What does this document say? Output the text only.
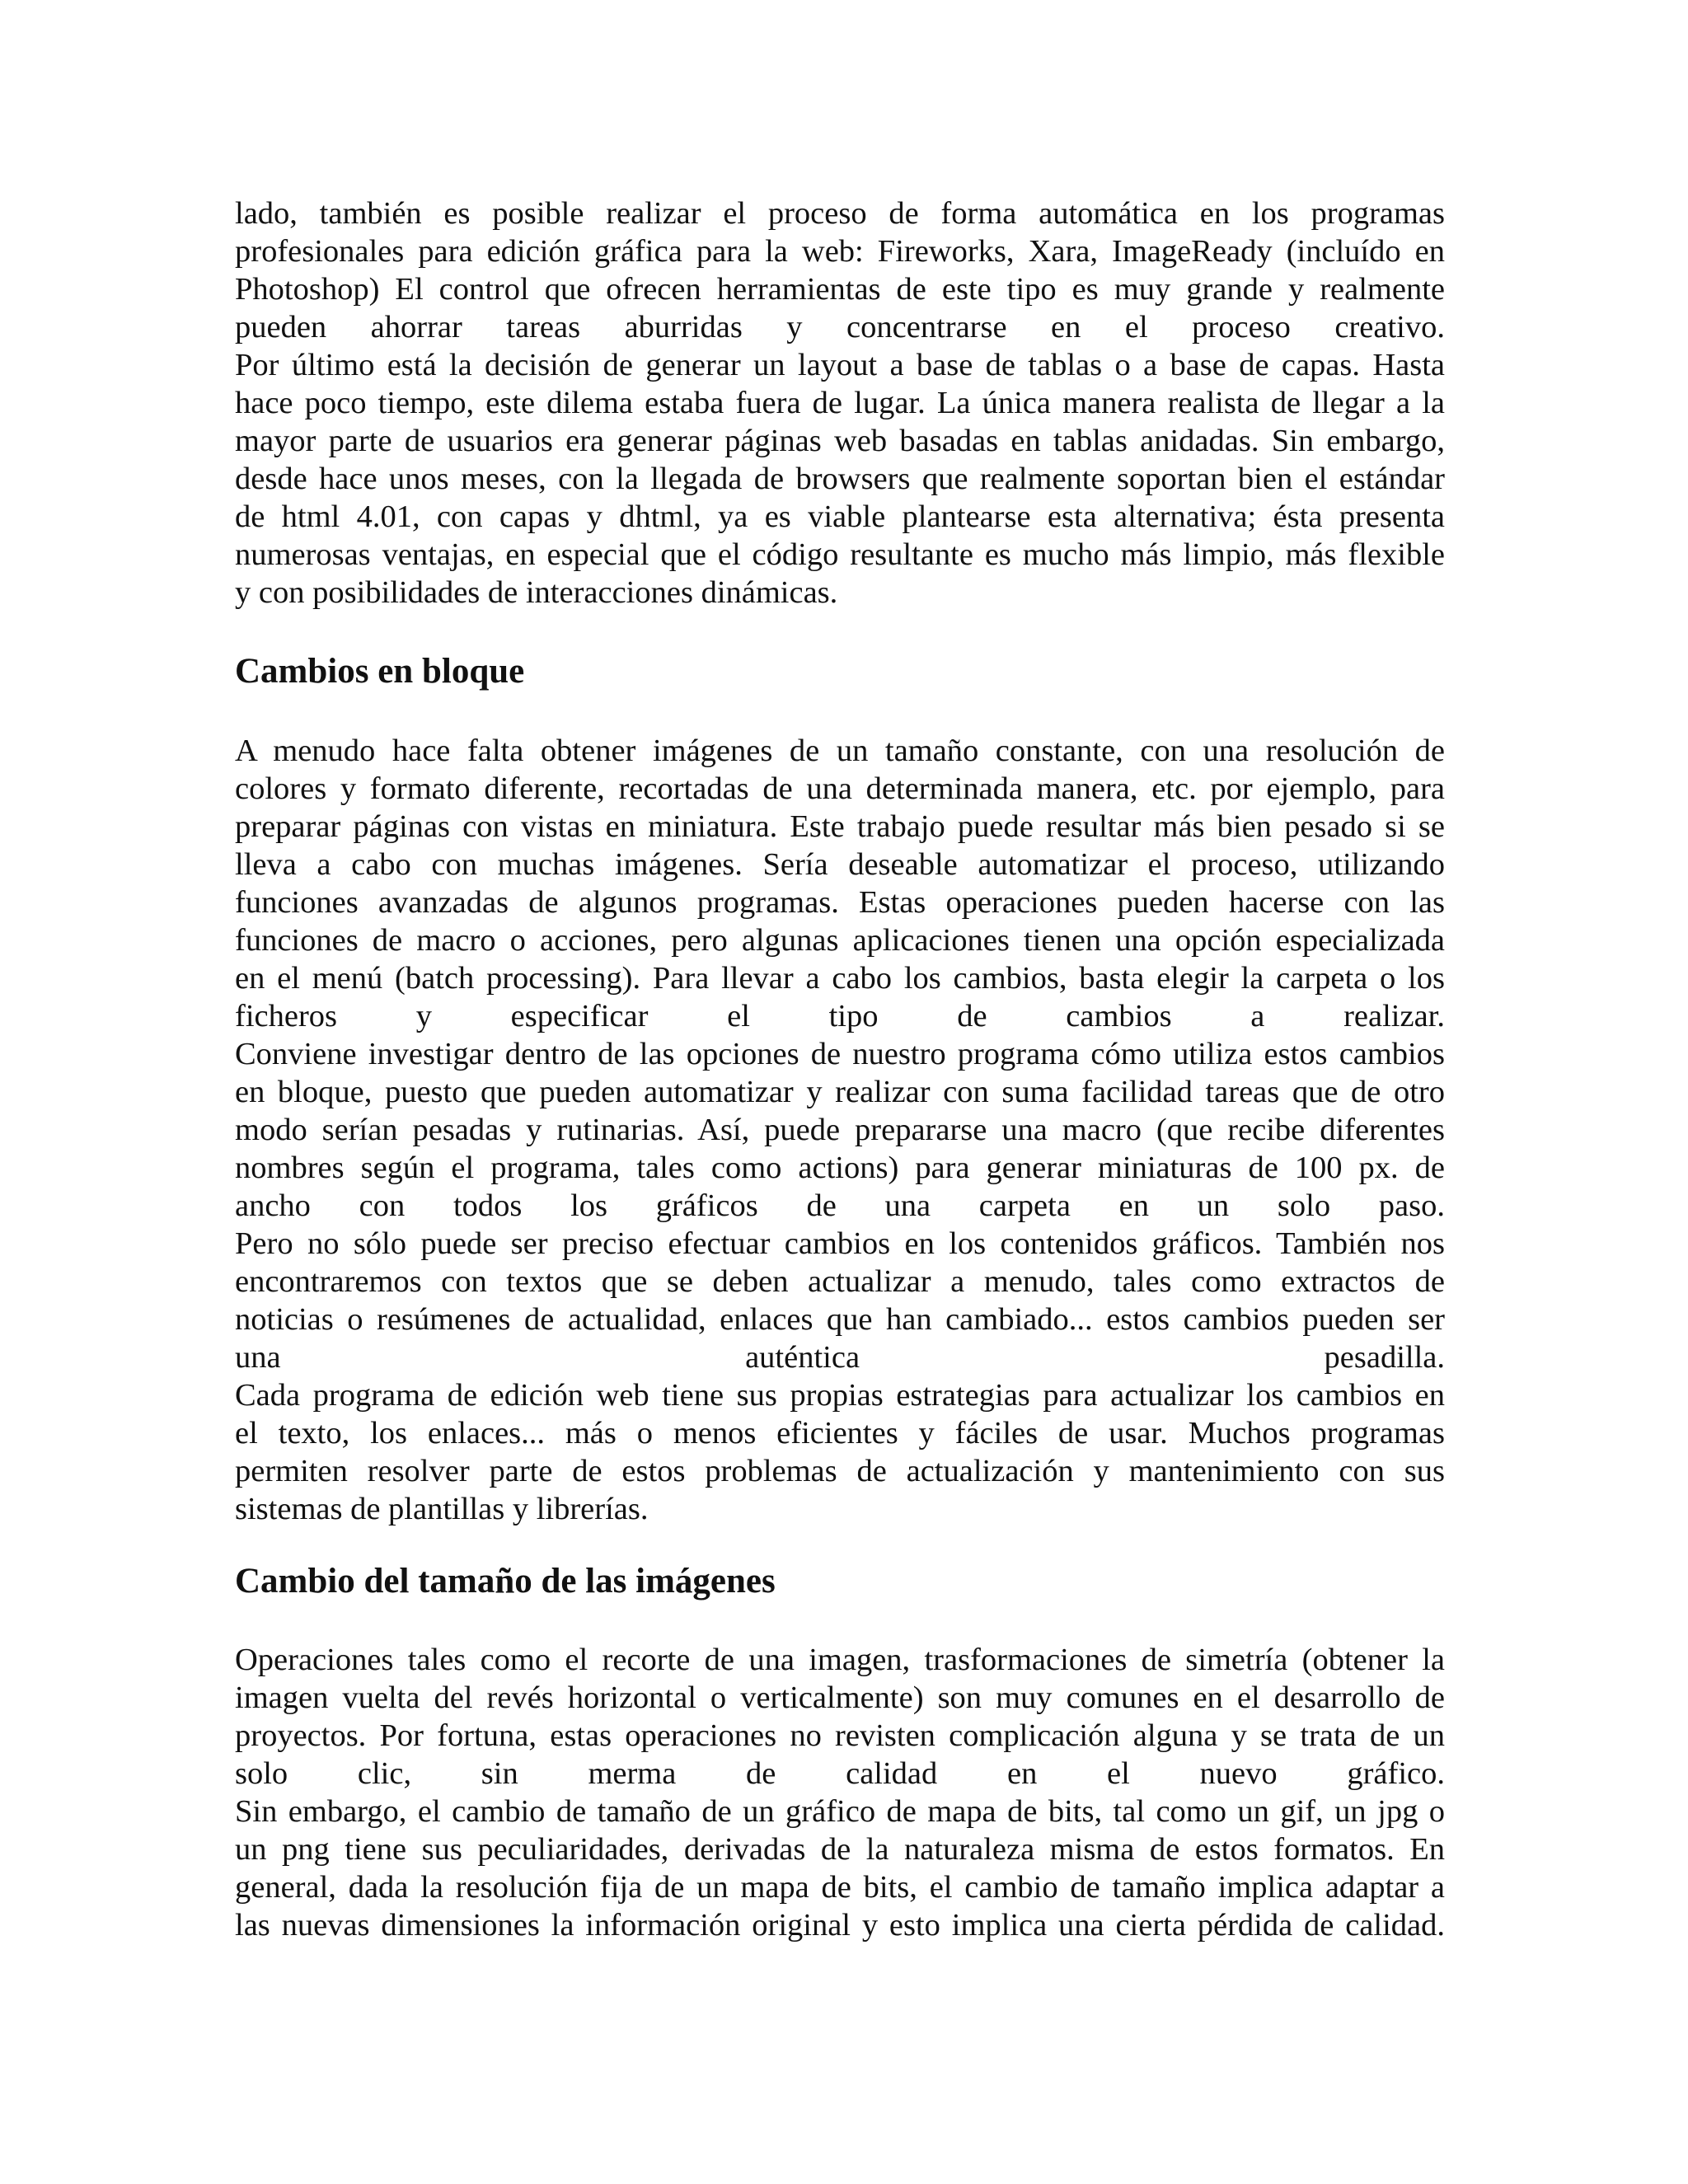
lado, también es posible realizar el proceso de forma automática en los programas
profesionales para edición gráfica para la web: Fireworks, Xara, ImageReady (incluído en
Photoshop) El control que ofrecen herramientas de este tipo es muy grande y realmente
pueden ahorrar tareas aburridas y concentrarse en el proceso creativo.
Por último está la decisión de generar un layout a base de tablas o a base de capas. Hasta
hace poco tiempo, este dilema estaba fuera de lugar. La única manera realista de llegar a la
mayor parte de usuarios era generar páginas web basadas en tablas anidadas. Sin embargo,
desde hace unos meses, con la llegada de browsers que realmente soportan bien el estándar
de html 4.01, con capas y dhtml, ya es viable plantearse esta alternativa; ésta presenta
numerosas ventajas, en especial que el código resultante es mucho más limpio, más flexible
y con posibilidades de interacciones dinámicas.
Cambios en bloque
A menudo hace falta obtener imágenes de un tamaño constante, con una resolución de
colores y formato diferente, recortadas de una determinada manera, etc. por ejemplo, para
preparar páginas con vistas en miniatura. Este trabajo puede resultar más bien pesado si se
lleva a cabo con muchas imágenes. Sería deseable automatizar el proceso, utilizando
funciones avanzadas de algunos programas. Estas operaciones pueden hacerse con las
funciones de macro o acciones, pero algunas aplicaciones tienen una opción especializada
en el menú (batch processing). Para llevar a cabo los cambios, basta elegir la carpeta o los
ficheros y especificar el tipo de cambios a realizar.
Conviene investigar dentro de las opciones de nuestro programa cómo utiliza estos cambios
en bloque, puesto que pueden automatizar y realizar con suma facilidad tareas que de otro
modo serían pesadas y rutinarias. Así, puede prepararse una macro (que recibe diferentes
nombres según el programa, tales como actions) para generar miniaturas de 100 px. de
ancho con todos los gráficos de una carpeta en un solo paso.
Pero no sólo puede ser preciso efectuar cambios en los contenidos gráficos. También nos
encontraremos con textos que se deben actualizar a menudo, tales como extractos de
noticias o resúmenes de actualidad, enlaces que han cambiado... estos cambios pueden ser
una auténtica pesadilla.
Cada programa de edición web tiene sus propias estrategias para actualizar los cambios en
el texto, los enlaces... más o menos eficientes y fáciles de usar. Muchos programas
permiten resolver parte de estos problemas de actualización y mantenimiento con sus
sistemas de plantillas y librerías.
Cambio del tamaño de las imágenes
Operaciones tales como el recorte de una imagen, trasformaciones de simetría (obtener la
imagen vuelta del revés horizontal o verticalmente) son muy comunes en el desarrollo de
proyectos. Por fortuna, estas operaciones no revisten complicación alguna y se trata de un
solo clic, sin merma de calidad en el nuevo gráfico.
Sin embargo, el cambio de tamaño de un gráfico de mapa de bits, tal como un gif, un jpg o
un png tiene sus peculiaridades, derivadas de la naturaleza misma de estos formatos. En
general, dada la resolución fija de un mapa de bits, el cambio de tamaño implica adaptar a
las nuevas dimensiones la información original y esto implica una cierta pérdida de calidad.
